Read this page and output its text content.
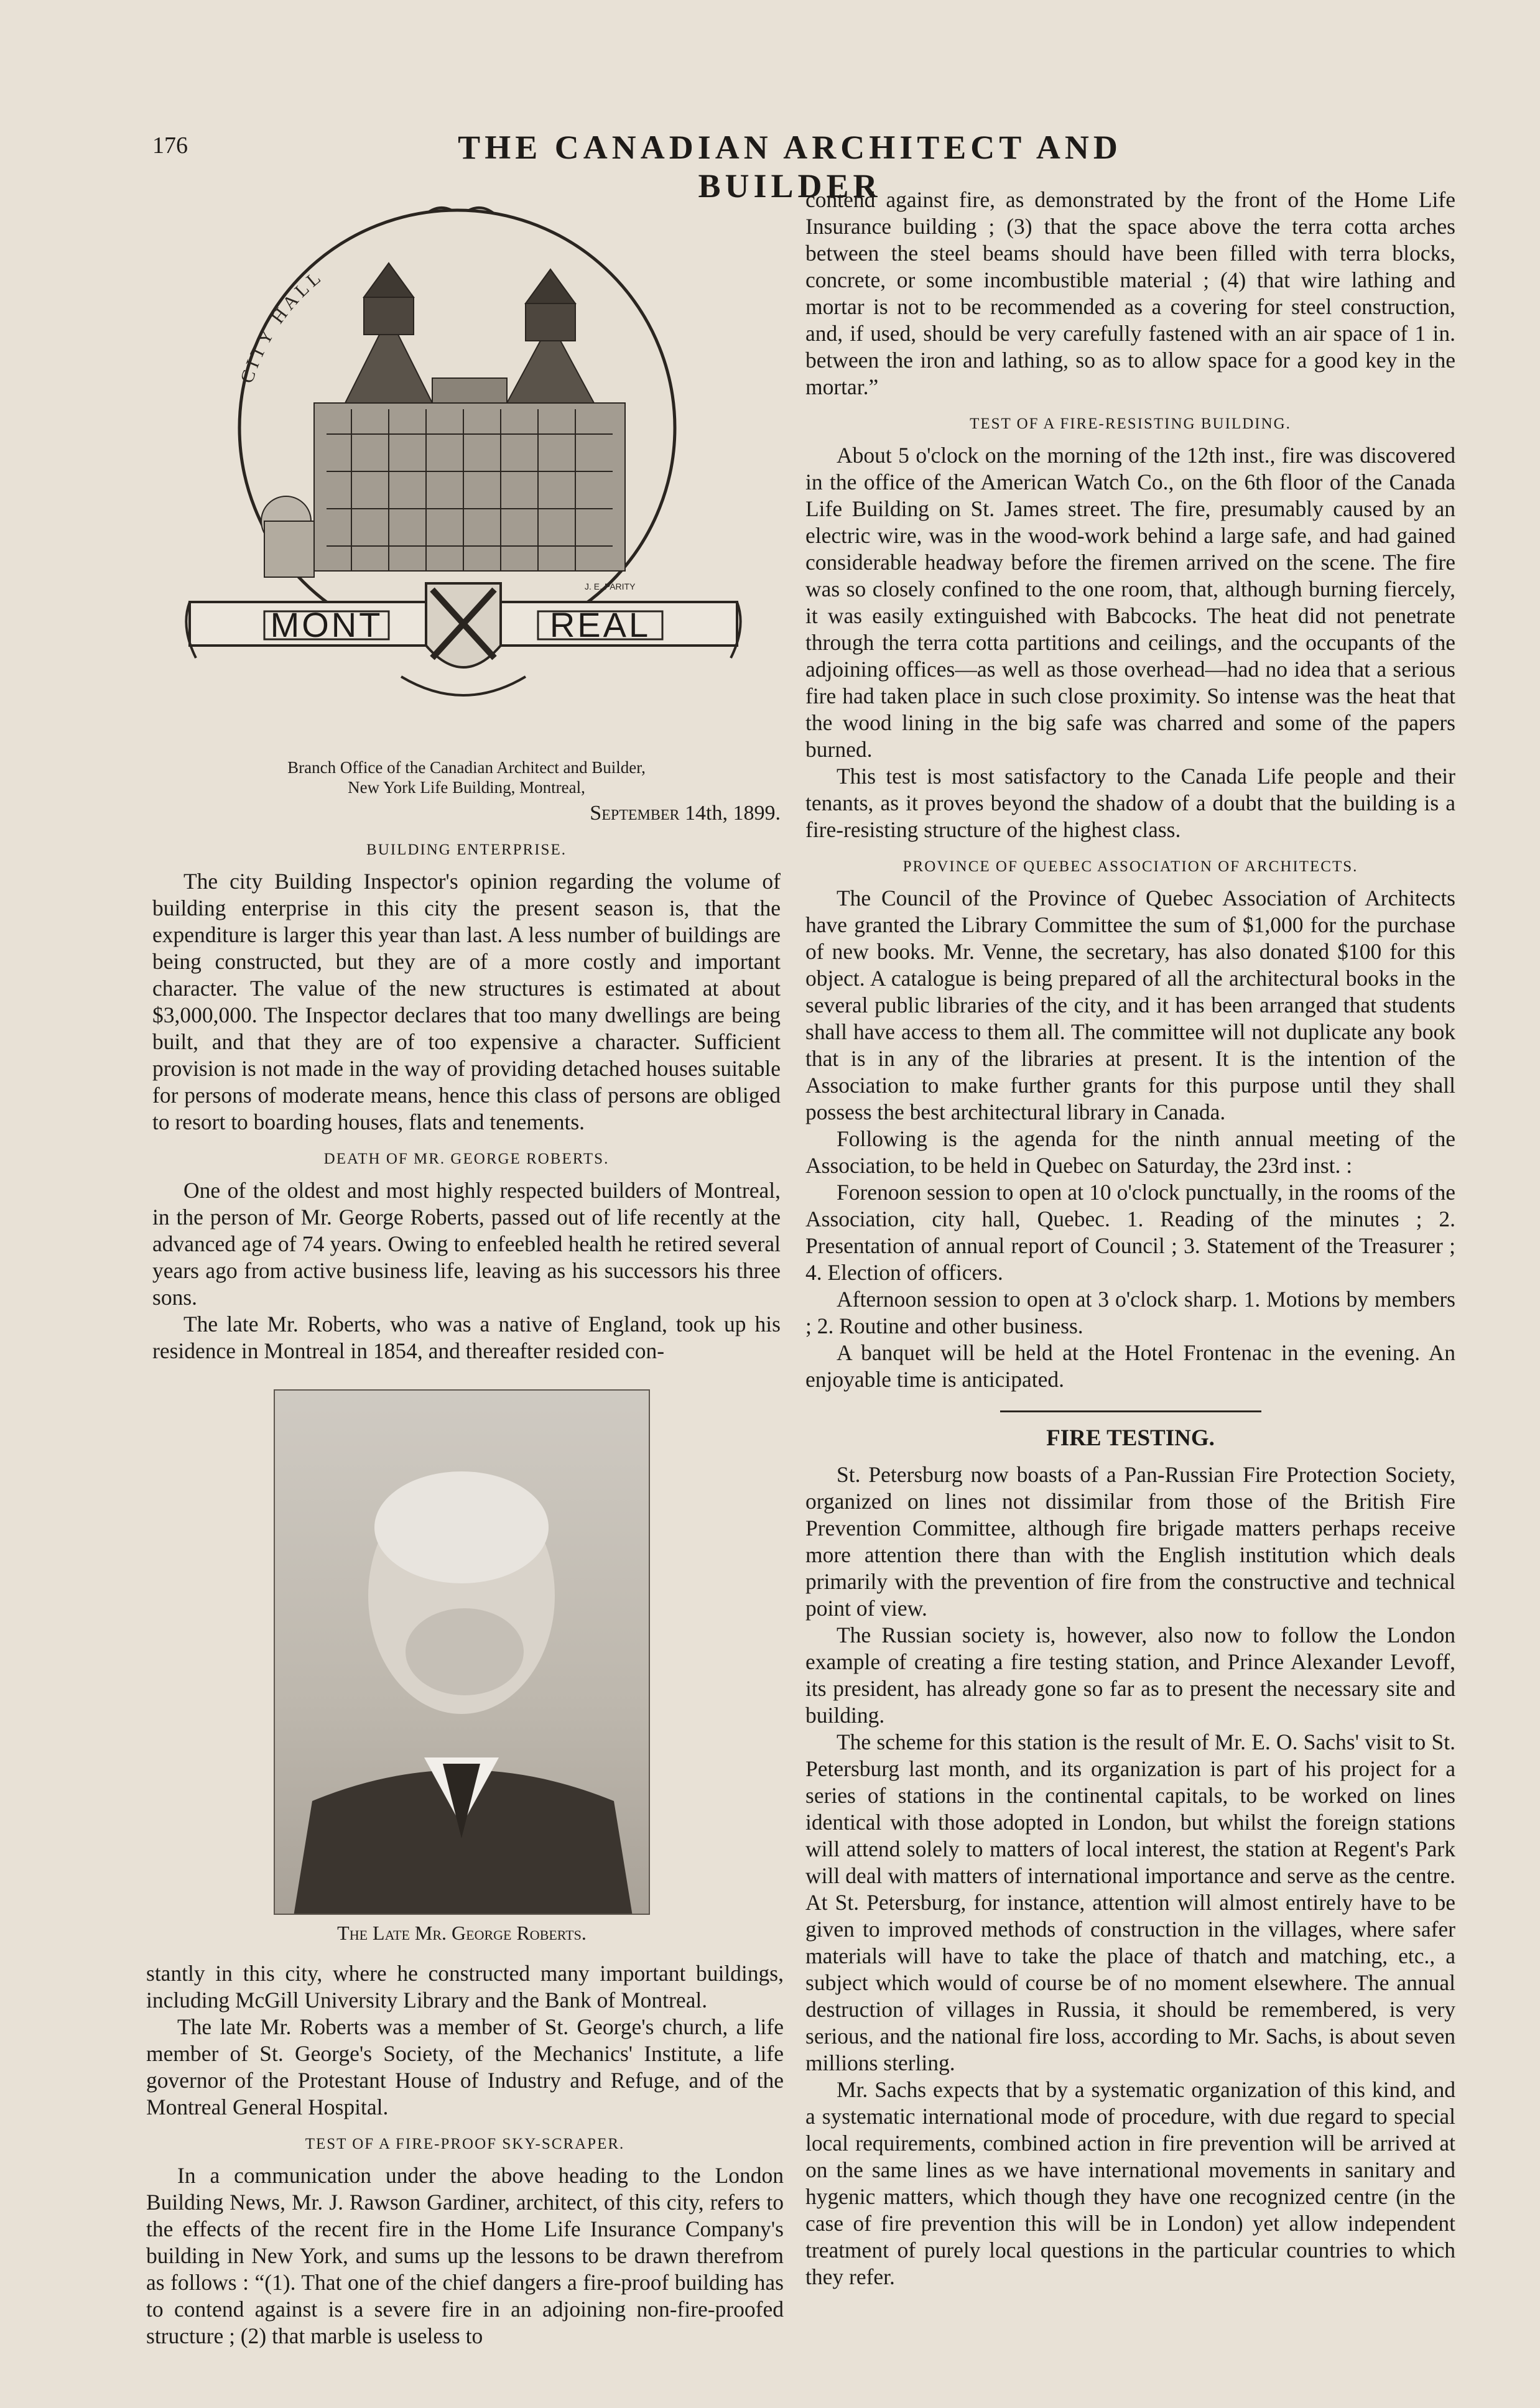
176	THE CANADIAN ARCHITECT AND BUILDER
CITY HALL
MONT	REAL
J. E. PARITY
Branch Office of the Canadian Architect and Builder,
New York Life Building, Montreal,
September 14th, 1899.
BUILDING ENTERPRISE.

The city Building Inspector's opinion regarding the volume of building enterprise in this city the present season is, that the expenditure is larger this year than last. A less number of buildings are being constructed, but they are of a more costly and important character. The value of the new structures is estimated at about $3,000,000. The Inspector declares that too many dwellings are being built, and that they are of too expensive a character. Sufficient provision is not made in the way of providing detached houses suitable for persons of moderate means, hence this class of persons are obliged to resort to boarding houses, flats and tenements.

DEATH OF MR. GEORGE ROBERTS.

One of the oldest and most highly respected builders of Montreal, in the person of Mr. George Roberts, passed out of life recently at the advanced age of 74 years. Owing to enfeebled health he retired several years ago from active business life, leaving as his successors his three sons.

The late Mr. Roberts, who was a native of England, took up his residence in Montreal in 1854, and thereafter resided con-

The Late Mr. George Roberts.

stantly in this city, where he constructed many important buildings, including McGill University Library and the Bank of Montreal.

The late Mr. Roberts was a member of St. George's church, a life member of St. George's Society, of the Mechanics' Institute, a life governor of the Protestant House of Industry and Refuge, and of the Montreal General Hospital.

TEST OF A FIRE-PROOF SKY-SCRAPER.

In a communication under the above heading to the London Building News, Mr. J. Rawson Gardiner, architect, of this city, refers to the effects of the recent fire in the Home Life Insurance Company's building in New York, and sums up the lessons to be drawn therefrom as follows : “(1). That one of the chief dangers a fire-proof building has to contend against is a severe fire in an adjoining non-fire-proofed structure ; (2) that marble is useless to

contend against fire, as demonstrated by the front of the Home Life Insurance building ; (3) that the space above the terra cotta arches between the steel beams should have been filled with terra blocks, concrete, or some incombustible material ; (4) that wire lathing and mortar is not to be recommended as a covering for steel construction, and, if used, should be very carefully fastened with an air space of 1 in. between the iron and lathing, so as to allow space for a good key in the mortar.”

TEST OF A FIRE-RESISTING BUILDING.

About 5 o'clock on the morning of the 12th inst., fire was discovered in the office of the American Watch Co., on the 6th floor of the Canada Life Building on St. James street. The fire, presumably caused by an electric wire, was in the wood-work behind a large safe, and had gained considerable headway before the firemen arrived on the scene. The fire was so closely confined to the one room, that, although burning fiercely, it was easily extinguished with Babcocks. The heat did not penetrate through the terra cotta partitions and ceilings, and the occupants of the adjoining offices—as well as those overhead—had no idea that a serious fire had taken place in such close proximity. So intense was the heat that the wood lining in the big safe was charred and some of the papers burned.

This test is most satisfactory to the Canada Life people and their tenants, as it proves beyond the shadow of a doubt that the building is a fire-resisting structure of the highest class.

PROVINCE OF QUEBEC ASSOCIATION OF ARCHITECTS.

The Council of the Province of Quebec Association of Architects have granted the Library Committee the sum of $1,000 for the purchase of new books. Mr. Venne, the secretary, has also donated $100 for this object. A catalogue is being prepared of all the architectural books in the several public libraries of the city, and it has been arranged that students shall have access to them all. The committee will not duplicate any book that is in any of the libraries at present. It is the intention of the Association to make further grants for this purpose until they shall possess the best architectural library in Canada.

Following is the agenda for the ninth annual meeting of the Association, to be held in Quebec on Saturday, the 23rd inst. :

Forenoon session to open at 10 o'clock punctually, in the rooms of the Association, city hall, Quebec. 1. Reading of the minutes ; 2. Presentation of annual report of Council ; 3. Statement of the Treasurer ; 4. Election of officers.

Afternoon session to open at 3 o'clock sharp. 1. Motions by members ; 2. Routine and other business.

A banquet will be held at the Hotel Frontenac in the evening. An enjoyable time is anticipated.

FIRE TESTING.

St. Petersburg now boasts of a Pan-Russian Fire Protection Society, organized on lines not dissimilar from those of the British Fire Prevention Committee, although fire brigade matters perhaps receive more attention there than with the English institution which deals primarily with the prevention of fire from the constructive and technical point of view.

The Russian society is, however, also now to follow the London example of creating a fire testing station, and Prince Alexander Levoff, its president, has already gone so far as to present the necessary site and building.

The scheme for this station is the result of Mr. E. O. Sachs' visit to St. Petersburg last month, and its organization is part of his project for a series of stations in the continental capitals, to be worked on lines identical with those adopted in London, but whilst the foreign stations will attend solely to matters of local interest, the station at Regent's Park will deal with matters of international importance and serve as the centre. At St. Petersburg, for instance, attention will almost entirely have to be given to improved methods of construction in the villages, where safer materials will have to take the place of thatch and matching, etc., a subject which would of course be of no moment elsewhere. The annual destruction of villages in Russia, it should be remembered, is very serious, and the national fire loss, according to Mr. Sachs, is about seven millions sterling.

Mr. Sachs expects that by a systematic organization of this kind, and a systematic international mode of procedure, with due regard to special local requirements, combined action in fire prevention will be arrived at on the same lines as we have international movements in sanitary and hygenic matters, which though they have one recognized centre (in the case of fire prevention this will be in London) yet allow independent treatment of purely local questions in the particular countries to which they refer.
